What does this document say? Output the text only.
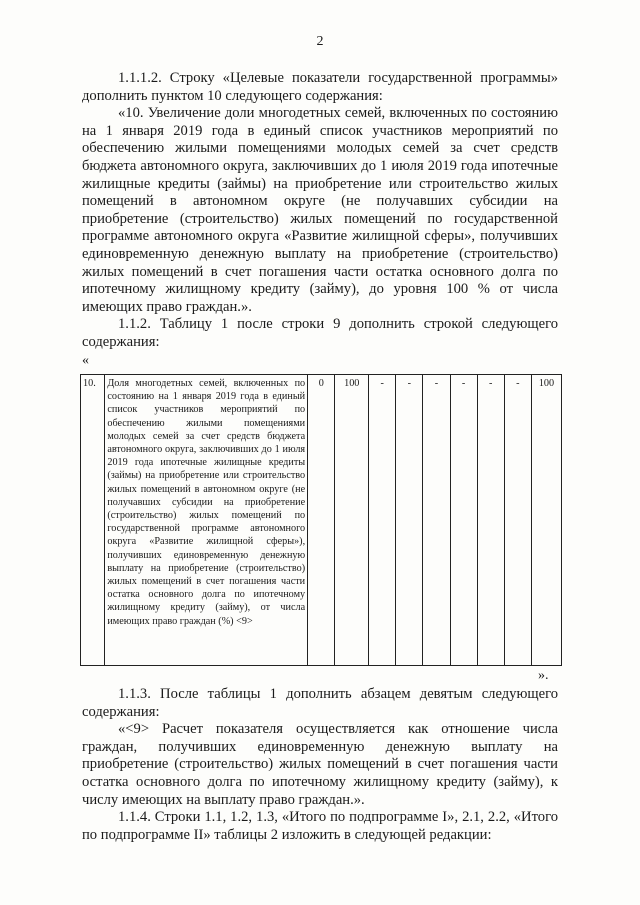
2

1.1.1.2. Строку «Целевые показатели государственной программы» дополнить пунктом 10 следующего содержания:

«10. Увеличение доли многодетных семей, включенных по состоянию на 1 января 2019 года в единый список участников мероприятий по обеспечению жилыми помещениями молодых семей за счет средств бюджета автономного округа, заключивших до 1 июля 2019 года ипотечные жилищные кредиты (займы) на приобретение или строительство жилых помещений в автономном округе (не получавших субсидии на приобретение (строительство) жилых помещений по государственной программе автономного округа «Развитие жилищной сферы», получивших единовременную денежную выплату на приобретение (строительство) жилых помещений в счет погашения части остатка основного долга по ипотечному жилищному кредиту (займу), до уровня 100 % от числа имеющих право граждан.».

1.1.2. Таблицу 1 после строки 9 дополнить строкой следующего содержания:

«
10.	Доля многодетных семей, включенных по состоянию на 1 января 2019 года в единый список участников мероприятий по обеспечению жилыми помещениями молодых семей за счет средств бюджета автономного округа, заключивших до 1 июля 2019 года ипотечные жилищные кредиты (займы) на приобретение или строительство жилых помещений в автономном округе (не получавших субсидии на приобретение (строительство) жилых помещений по государственной программе автономного округа «Развитие жилищной сферы»), получивших единовременную денежную выплату на приобретение (строительство) жилых помещений в счет погашения части остатка основного долга по ипотечному жилищному кредиту (займу), от числа имеющих право граждан (%) <9>	0	100	-	-	-	-	-	-	100
».

1.1.3. После таблицы 1 дополнить абзацем девятым следующего содержания:

«<9> Расчет показателя осуществляется как отношение числа граждан, получивших единовременную денежную выплату на приобретение (строительство) жилых помещений в счет погашения части остатка основного долга по ипотечному жилищному кредиту (займу), к числу имеющих на выплату право граждан.».

1.1.4. Строки 1.1, 1.2, 1.3, «Итого по подпрограмме I», 2.1, 2.2, «Итого по подпрограмме II» таблицы 2 изложить в следующей редакции:
